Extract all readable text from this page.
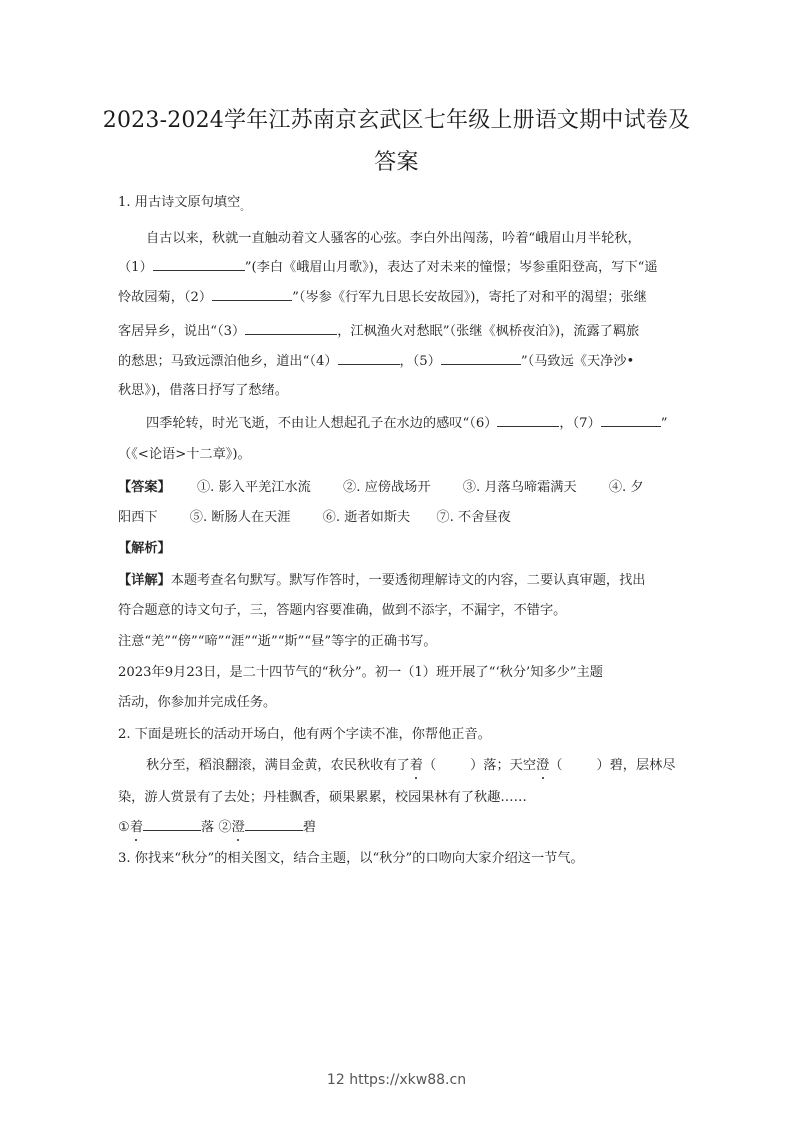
2023-2024学年江苏南京玄武区七年级上册语文期中试卷及
答案
1. 用古诗文原句填空$_。$
自古以来，秋就一直触动着文人骚客的心弦。李白外出闯荡，吟着“峨眉山月半轮秋，
（1）	”(李白《峨眉山月歌》)，表达了对未来的憧憬；岑参重阳登高，写下“遥
怜故园菊，（2）	”（岑参《行军九日思长安故园》)，寄托了对和平的渴望；张继
客居异乡，说出“（3）	，江枫渔火对愁眠”（张继《枫桥夜泊》)，流露了羁旅
的愁思；马致远漂泊他乡，道出“（4）	，（5）	”（马致远《天净沙•
秋思》)，借落日抒写了愁绪。
四季轮转，时光飞逝，不由让人想起孔子在水边的感叹“（6）	，（7）	”
（《<论语>十二章》)。
【答案】 ①. 影入平羌江水流 ②. 应傍战场开 ③. 月落乌啼霜满天 ④. 夕
阳西下 ⑤. 断肠人在天涯 ⑥. 逝者如斯夫 ⑦. 不舍昼夜
【解析】
【详解】本题考查名句默写。默写作答时，一要透彻理解诗文的内容，二要认真审题，找出
符合题意的诗文句子，三，答题内容要准确，做到不添字，不漏字，不错字。
注意“羌”“傍”“啼”“涯”“逝”“斯”“昼”等字的正确书写。
2023年9月23日，是二十四节气的“秋分”。初一（1）班开展了“‘秋分’知多少”主题
活动，你参加并完成任务。
2. 下面是班长的活动开场白，他有两个字读不准，你帮他正音。
秋分至，稻浪翻滚，满目金黄，农民秋收有了着（	）落；天空澄（	）碧，层林尽
染，游人赏景有了去处；丹桂飘香，硕果累累，校园果林有了秋趣……
①着	落 ②澄	碧
3. 你找来“秋分”的相关图文，结合主题，以“秋分”的口吻向大家介绍这一节气。
12 https://xkw88.cn
